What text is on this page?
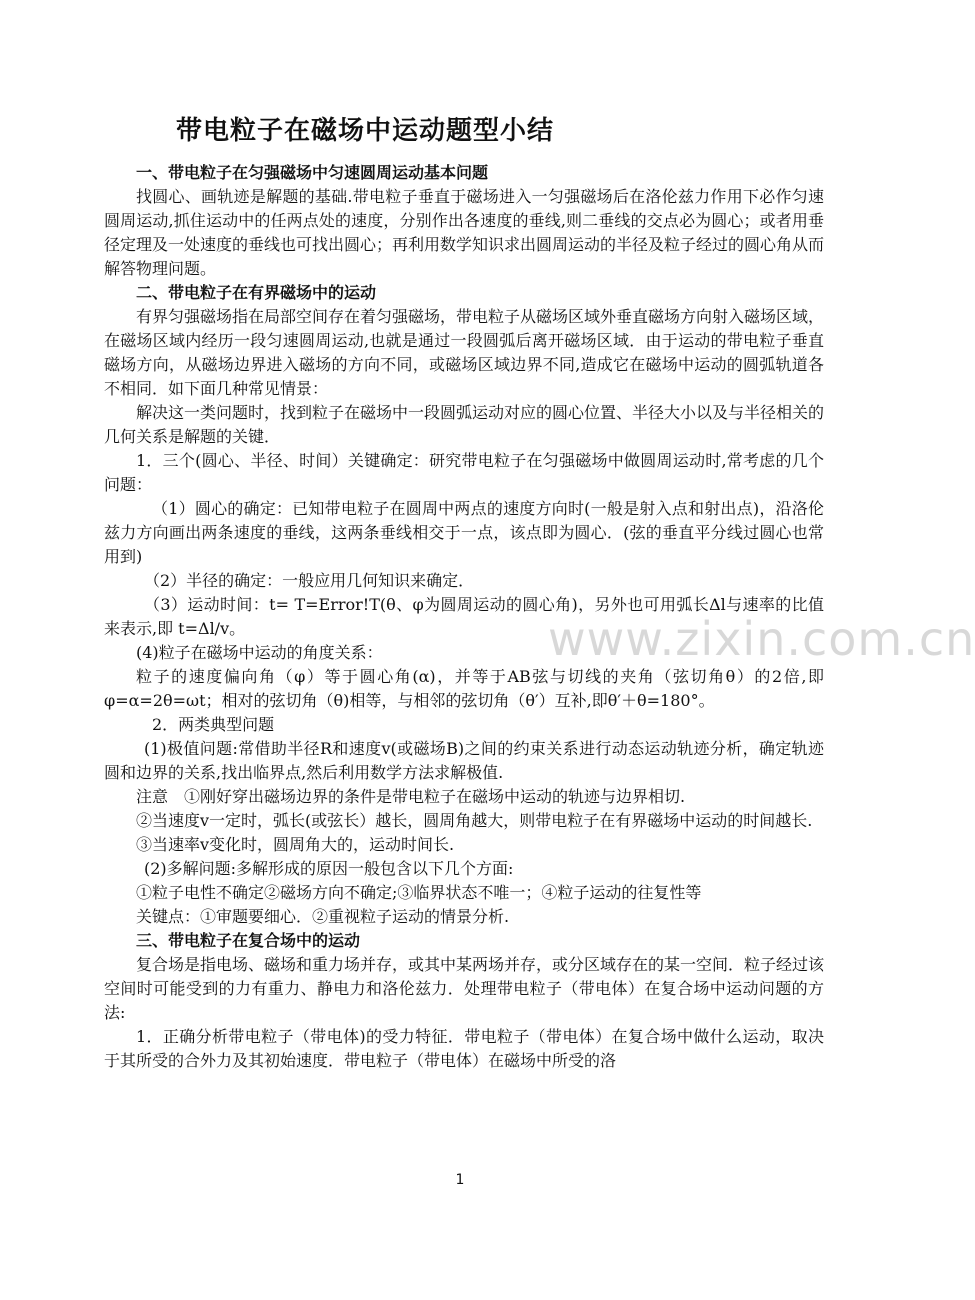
www.zixin.com.cn
带电粒子在磁场中运动题型小结

一、带电粒子在匀强磁场中匀速圆周运动基本问题

找圆心、画轨迹是解题的基础.带电粒子垂直于磁场进入一匀强磁场后在洛伦兹力作用下必作匀速圆周运动,抓住运动中的任两点处的速度，分别作出各速度的垂线,则二垂线的交点必为圆心；或者用垂径定理及一处速度的垂线也可找出圆心；再利用数学知识求出圆周运动的半径及粒子经过的圆心角从而解答物理问题。

二、带电粒子在有界磁场中的运动

有界匀强磁场指在局部空间存在着匀强磁场，带电粒子从磁场区域外垂直磁场方向射入磁场区域，在磁场区域内经历一段匀速圆周运动,也就是通过一段圆弧后离开磁场区域．由于运动的带电粒子垂直磁场方向，从磁场边界进入磁场的方向不同，或磁场区域边界不同,造成它在磁场中运动的圆弧轨道各不相同．如下面几种常见情景：

解决这一类问题时，找到粒子在磁场中一段圆弧运动对应的圆心位置、半径大小以及与半径相关的几何关系是解题的关键．

1．三个(圆心、半径、时间）关键确定：研究带电粒子在匀强磁场中做圆周运动时,常考虑的几个问题：

（1）圆心的确定：已知带电粒子在圆周中两点的速度方向时(一般是射入点和射出点)，沿洛伦兹力方向画出两条速度的垂线，这两条垂线相交于一点，该点即为圆心．(弦的垂直平分线过圆心也常用到)

（2）半径的确定：一般应用几何知识来确定．

（3）运动时间：t= T=Error!T(θ、φ为圆周运动的圆心角)，另外也可用弧长Δl与速率的比值来表示,即 t=Δl/v。

(4)粒子在磁场中运动的角度关系：

粒子的速度偏向角（φ）等于圆心角(α)，并等于AB弦与切线的夹角（弦切角θ）的2倍,即φ=α=2θ=ωt；相对的弦切角（θ)相等，与相邻的弦切角（θ′）互补,即θ′＋θ=180°。

2．两类典型问题

(1)极值问题:常借助半径R和速度v(或磁场B)之间的约束关系进行动态运动轨迹分析，确定轨迹圆和边界的关系,找出临界点,然后利用数学方法求解极值.

注意　①刚好穿出磁场边界的条件是带电粒子在磁场中运动的轨迹与边界相切.

②当速度v一定时，弧长(或弦长）越长，圆周角越大，则带电粒子在有界磁场中运动的时间越长.

③当速率v变化时，圆周角大的，运动时间长.

(2)多解问题:多解形成的原因一般包含以下几个方面:

①粒子电性不确定②磁场方向不确定;③临界状态不唯一；④粒子运动的往复性等

关键点：①审题要细心．②重视粒子运动的情景分析.

三、带电粒子在复合场中的运动

复合场是指电场、磁场和重力场并存，或其中某两场并存，或分区域存在的某一空间．粒子经过该空间时可能受到的力有重力、静电力和洛伦兹力．处理带电粒子（带电体）在复合场中运动问题的方法:

1．正确分析带电粒子（带电体)的受力特征．带电粒子（带电体）在复合场中做什么运动，取决于其所受的合外力及其初始速度．带电粒子（带电体）在磁场中所受的洛

1
